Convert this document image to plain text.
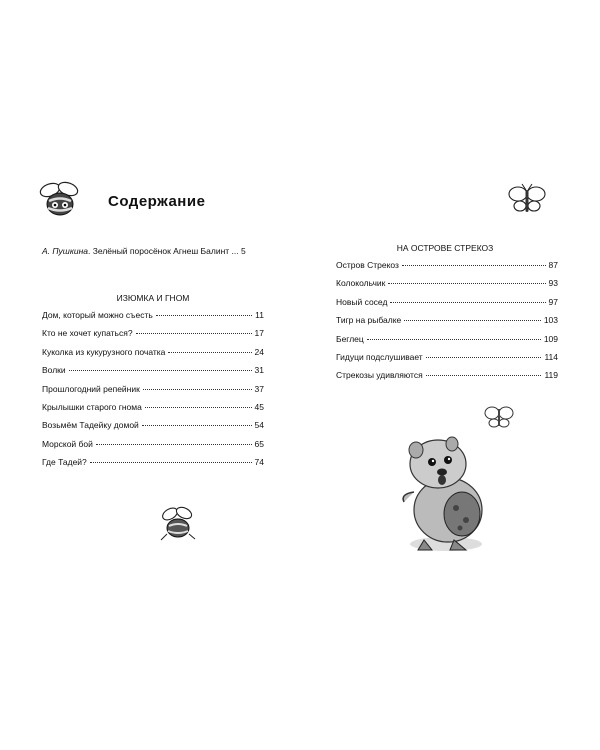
Содержание
А. Пушкина. Зелёный поросёнок Агнеш Балинт ... 5
ИЗЮМКА И ГНОМ
Дом, который можно съесть	11
Кто не хочет купаться?	17
Куколка из кукурузного початка	24
Волки	31
Прошлогодний репейник	37
Крылышки старого гнома	45
Возьмём Тадейку домой	54
Морской бой	65
Где Тадей?	74
НА ОСТРОВЕ СТРЕКОЗ
Остров Стрекоз	87
Колокольчик	93
Новый сосед	97
Тигр на рыбалке	103
Беглец	109
Гидуци подслушивает	114
Стрекозы удивляются	119
